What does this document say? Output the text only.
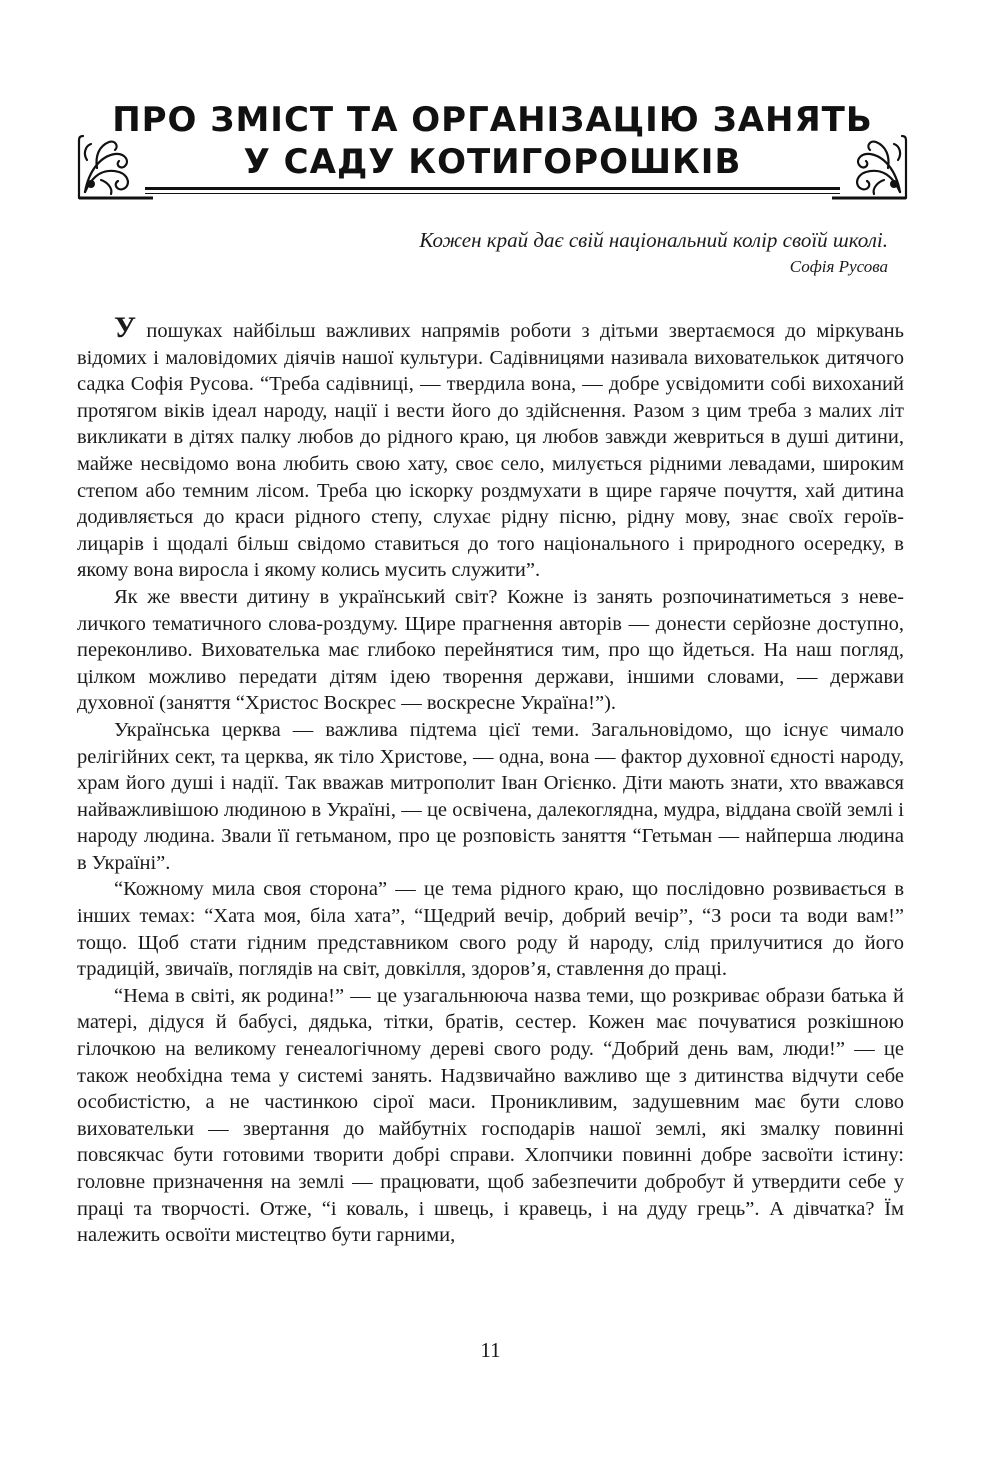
ПРО ЗМІСТ ТА ОРГАНІЗАЦІЮ ЗАНЯТЬ
У САДУ КОТИГОРОШКІВ
Кожен край дає свій національний колір своїй школі.
Софія Русова

У пошуках найбільш важливих напрямів роботи з дітьми звертаємося до міркувань відомих і маловідомих діячів нашої культури. Садівницями називала вихователькок дитячого садка Софія Русова. “Треба садівниці, — твердила вона, — добре усвідомити собі вихоханий протягом віків ідеал народу, нації і вести його до здійснення. Разом з цим треба з малих літ викликати в дітях палку любов до рідного краю, ця любов завжди жевриться в душі дитини, майже несвідомо вона любить свою хату, своє село, милується рідними левадами, широким степом або темним лісом. Треба цю іскорку роздмухати в щире гаряче почуття, хай дитина додивляється до краси рідного степу, слухає рідну пісню, рідну мову, знає своїх героїв-лицарів і щодалі більш свідомо ставиться до того національного і природного осередку, в якому вона виросла і якому колись мусить служити”.

Як же ввести дитину в український світ? Кожне із занять розпочинатиметься з невеличкого тематичного слова-роздуму. Щире прагнення авторів — донести серйозне доступно, переконливо. Вихователька має глибоко перейнятися тим, про що йдеться. На наш погляд, цілком можливо передати дітям ідею творення держави, іншими словами, — держави духовної (заняття “Христос Воскрес — воскресне Україна!”).

Українська церква — важлива підтема цієї теми. Загальновідомо, що існує чимало релігійних сект, та церква, як тіло Христове, — одна, вона — фактор духовної єдності народу, храм його душі і надії. Так вважав митрополит Іван Огієнко. Діти мають знати, хто вважався найважливішою людиною в Україні, — це освічена, далекоглядна, мудра, віддана своїй землі і народу людина. Звали її гетьманом, про це розповість заняття “Гетьман — найперша людина в Україні”.

“Кожному мила своя сторона” — це тема рідного краю, що послідовно розвивається в інших темах: “Хата моя, біла хата”, “Щедрий вечір, добрий вечір”, “З роси та води вам!” тощо. Щоб стати гідним представником свого роду й народу, слід прилучитися до його традицій, звичаїв, поглядів на світ, довкілля, здоров’я, ставлення до праці.

“Нема в світі, як родина!” — це узагальнююча назва теми, що розкриває образи батька й матері, дідуся й бабусі, дядька, тітки, братів, сестер. Кожен має почуватися розкішною гілочкою на великому генеалогічному дереві свого роду. “Добрий день вам, люди!” — це також необхідна тема у системі занять. Надзвичайно важливо ще з дитинства відчути себе особистістю, а не частинкою сірої маси. Проникливим, задушевним має бути слово виховательки — звертання до майбутніх господарів нашої землі, які змалку повинні повсякчас бути готовими творити добрі справи. Хлопчики повинні добре засвоїти істину: головне призначення на землі — працювати, щоб забезпечити добробут й утвердити себе у праці та творчості. Отже, “і коваль, і швець, і кравець, і на дуду грець”. А дівчатка? Їм належить освоїти мистецтво бути гарними,

11
